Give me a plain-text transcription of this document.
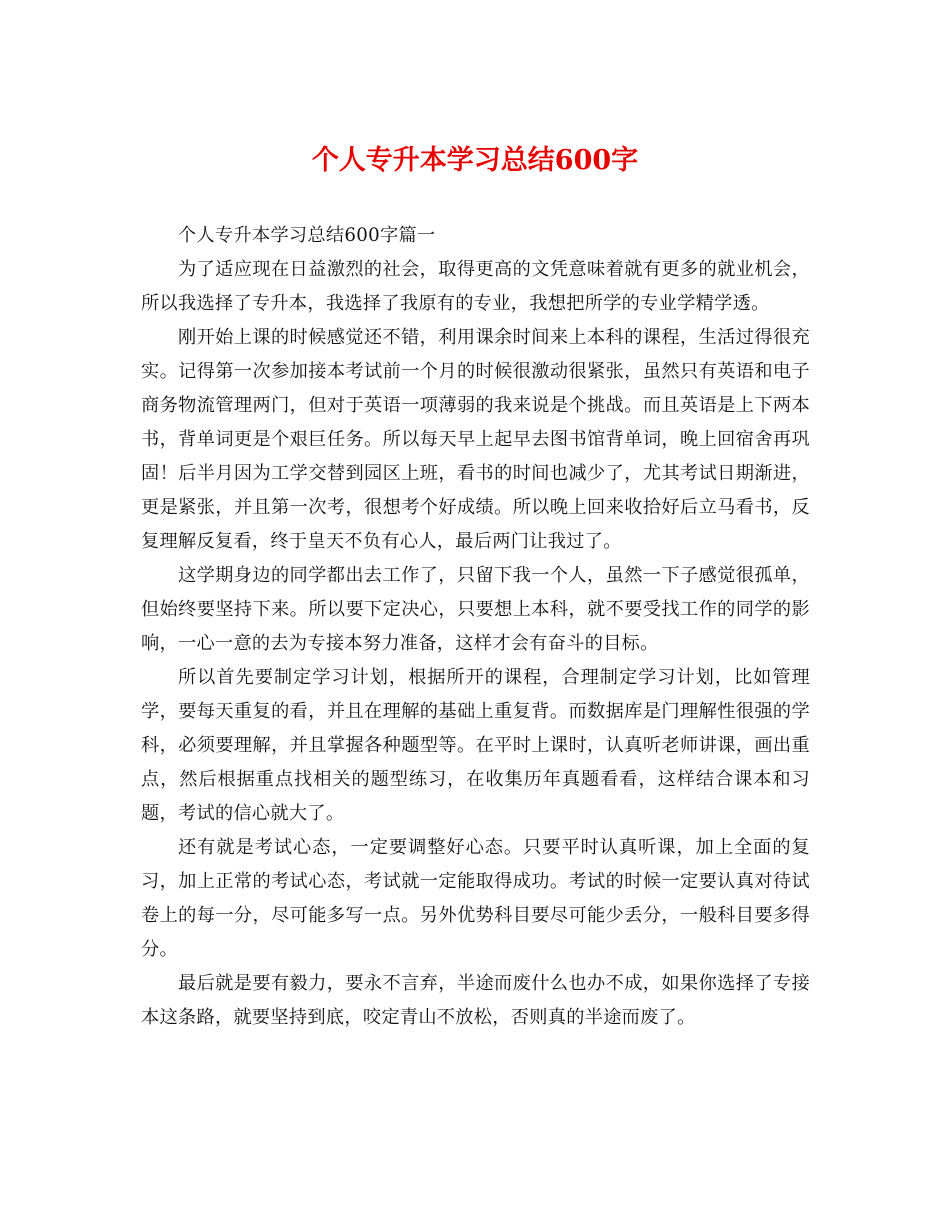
个人专升本学习总结600字

个人专升本学习总结600字篇一

为了适应现在日益激烈的社会，取得更高的文凭意味着就有更多的就业机会，所以我选择了专升本，我选择了我原有的专业，我想把所学的专业学精学透。

刚开始上课的时候感觉还不错，利用课余时间来上本科的课程，生活过得很充实。记得第一次参加接本考试前一个月的时候很激动很紧张，虽然只有英语和电子商务物流管理两门，但对于英语一项薄弱的我来说是个挑战。而且英语是上下两本书，背单词更是个艰巨任务。所以每天早上起早去图书馆背单词，晚上回宿舍再巩固！后半月因为工学交替到园区上班，看书的时间也减少了，尤其考试日期渐进，更是紧张，并且第一次考，很想考个好成绩。所以晚上回来收拾好后立马看书，反复理解反复看，终于皇天不负有心人，最后两门让我过了。

这学期身边的同学都出去工作了，只留下我一个人，虽然一下子感觉很孤单，但始终要坚持下来。所以要下定决心，只要想上本科，就不要受找工作的同学的影响，一心一意的去为专接本努力准备，这样才会有奋斗的目标。

所以首先要制定学习计划，根据所开的课程，合理制定学习计划，比如管理学，要每天重复的看，并且在理解的基础上重复背。而数据库是门理解性很强的学科，必须要理解，并且掌握各种题型等。在平时上课时，认真听老师讲课，画出重点，然后根据重点找相关的题型练习，在收集历年真题看看，这样结合课本和习题，考试的信心就大了。

还有就是考试心态，一定要调整好心态。只要平时认真听课，加上全面的复习，加上正常的考试心态，考试就一定能取得成功。考试的时候一定要认真对待试卷上的每一分，尽可能多写一点。另外优势科目要尽可能少丢分，一般科目要多得分。

最后就是要有毅力，要永不言弃，半途而废什么也办不成，如果你选择了专接本这条路，就要坚持到底，咬定青山不放松，否则真的半途而废了。
